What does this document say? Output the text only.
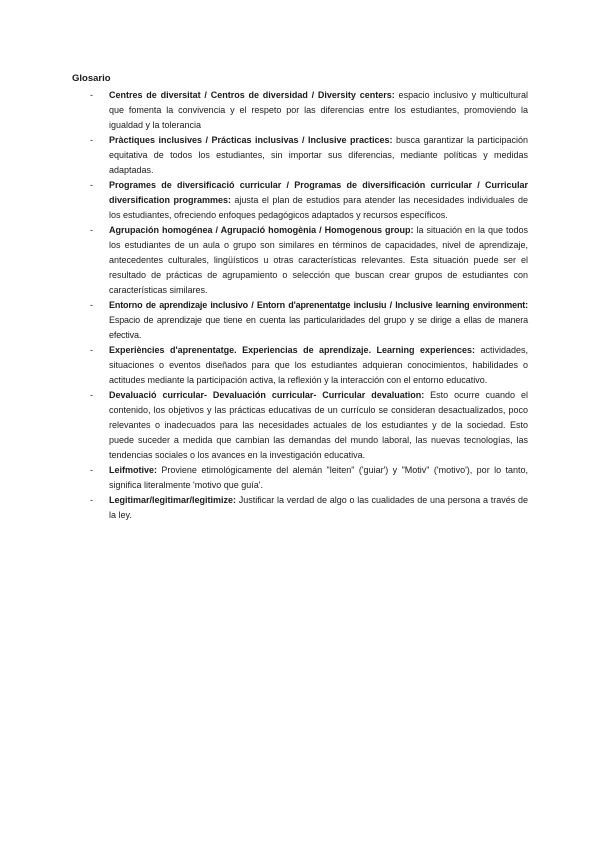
Glosario
- Centres de diversitat / Centros de diversidad / Diversity centers: espacio inclusivo y multicultural que fomenta la convivencia y el respeto por las diferencias entre los estudiantes, promoviendo la igualdad y la tolerancia
- Pràctiques inclusives / Prácticas inclusivas / Inclusive practices: busca garantizar la participación equitativa de todos los estudiantes, sin importar sus diferencias, mediante políticas y medidas adaptadas.
- Programes de diversificació curricular / Programas de diversificación curricular / Curricular diversification programmes: ajusta el plan de estudios para atender las necesidades individuales de los estudiantes, ofreciendo enfoques pedagógicos adaptados y recursos específicos.
- Agrupación homogénea / Agrupació homogènia / Homogenous group: la situación en la que todos los estudiantes de un aula o grupo son similares en términos de capacidades, nivel de aprendizaje, antecedentes culturales, lingüísticos u otras características relevantes. Esta situación puede ser el resultado de prácticas de agrupamiento o selección que buscan crear grupos de estudiantes con características similares.
- Entorno de aprendizaje inclusivo / Entorn d'aprenentatge inclusiu / Inclusive learning environment: Espacio de aprendizaje que tiene en cuenta las particularidades del grupo y se dirige a ellas de manera efectiva.
- Experiències d'aprenentatge. Experiencias de aprendizaje. Learning experiences: actividades, situaciones o eventos diseñados para que los estudiantes adquieran conocimientos, habilidades o actitudes mediante la participación activa, la reflexión y la interacción con el entorno educativo.
- Devaluació curricular- Devaluación curricular- Curricular devaluation: Esto ocurre cuando el contenido, los objetivos y las prácticas educativas de un currículo se consideran desactualizados, poco relevantes o inadecuados para las necesidades actuales de los estudiantes y de la sociedad. Esto puede suceder a medida que cambian las demandas del mundo laboral, las nuevas tecnologías, las tendencias sociales o los avances en la investigación educativa.
- Leifmotive: Proviene etimológicamente del alemán "leiten" ('guiar') y "Motiv" ('motivo'), por lo tanto, significa literalmente 'motivo que guía'.
- Legitimar/legitimar/legitimize: Justificar la verdad de algo o las cualidades de una persona a través de la ley.
